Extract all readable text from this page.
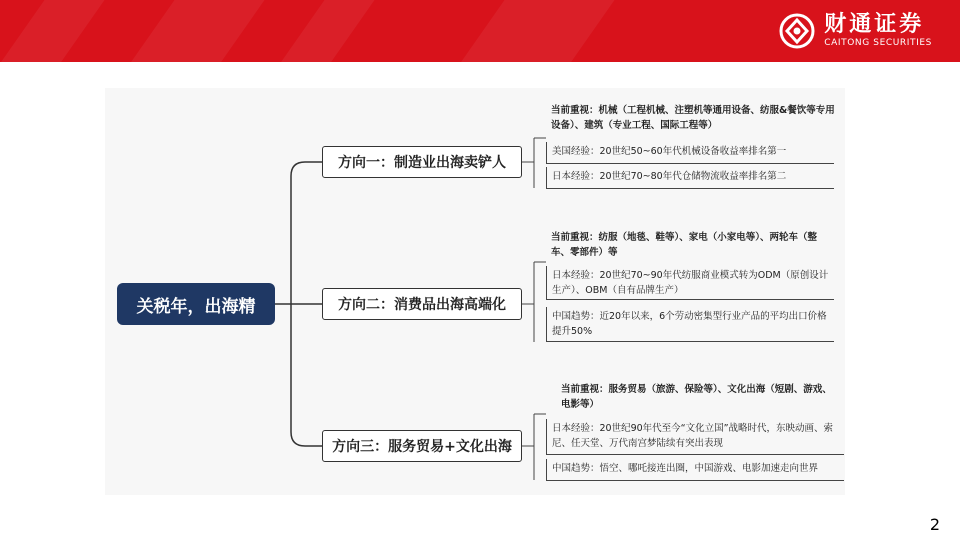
财通证券
CAITONG SECURITIES
关税年，出海精
方向一：制造业出海卖铲人
方向二：消费品出海高端化
方向三：服务贸易+文化出海
当前重视：机械（工程机械、注塑机等通用设备、纺服&餐饮等专用设备）、建筑（专业工程、国际工程等）
美国经验：20世纪50~60年代机械设备收益率排名第一
日本经验：20世纪70~80年代仓储物流收益率排名第二
当前重视：纺服（地毯、鞋等）、家电（小家电等）、两轮车（整车、零部件）等
日本经验：20世纪70~90年代纺服商业模式转为ODM（原创设计生产）、OBM（自有品牌生产）
中国趋势：近20年以来，6个劳动密集型行业产品的平均出口价格提升50%
当前重视：服务贸易（旅游、保险等）、文化出海（短剧、游戏、电影等）
日本经验：20世纪90年代至今“文化立国”战略时代，东映动画、索尼、任天堂、万代南宫梦陆续有突出表现
中国趋势：悟空、哪吒接连出圈，中国游戏、电影加速走向世界
2
